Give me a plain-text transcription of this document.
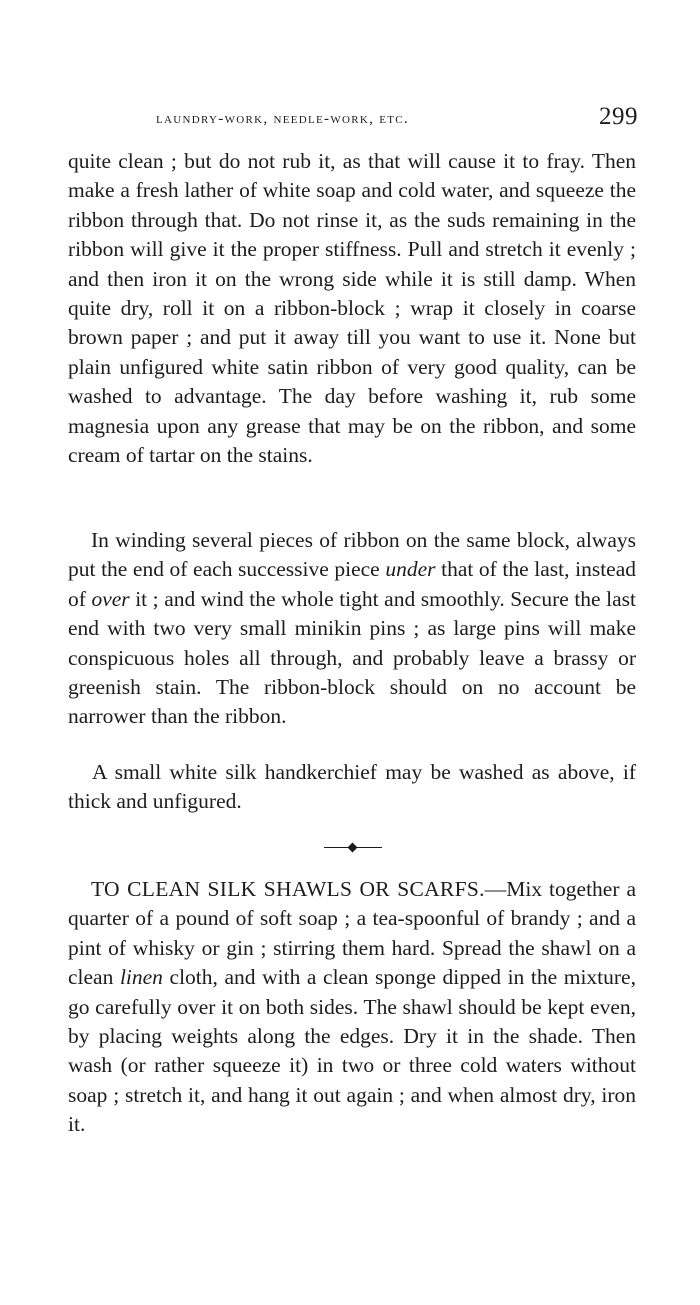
laundry-work, needle-work, etc.	299

quite clean ; but do not rub it, as that will cause it to fray. Then make a fresh lather of white soap and cold water, and squeeze the ribbon through that. Do not rinse it, as the suds remaining in the ribbon will give it the proper stiffness. Pull and stretch it evenly ; and then iron it on the wrong side while it is still damp. When quite dry, roll it on a ribbon-block ; wrap it closely in coarse brown paper ; and put it away till you want to use it. None but plain unfigured white satin ribbon of very good quality, can be washed to advantage. The day before washing it, rub some magnesia upon any grease that may be on the ribbon, and some cream of tartar on the stains.

In winding several pieces of ribbon on the same block, always put the end of each successive piece under that of the last, instead of over it ; and wind the whole tight and smoothly. Secure the last end with two very small minikin pins ; as large pins will make conspicuous holes all through, and probably leave a brassy or greenish stain. The ribbon-block should on no account be narrower than the ribbon.

A small white silk handkerchief may be washed as above, if thick and unfigured.

TO CLEAN SILK SHAWLS OR SCARFS.—Mix together a quarter of a pound of soft soap ; a tea-spoonful of brandy ; and a pint of whisky or gin ; stirring them hard. Spread the shawl on a clean linen cloth, and with a clean sponge dipped in the mixture, go carefully over it on both sides. The shawl should be kept even, by placing weights along the edges. Dry it in the shade. Then wash (or rather squeeze it) in two or three cold waters without soap ; stretch it, and hang it out again ; and when almost dry, iron it.
